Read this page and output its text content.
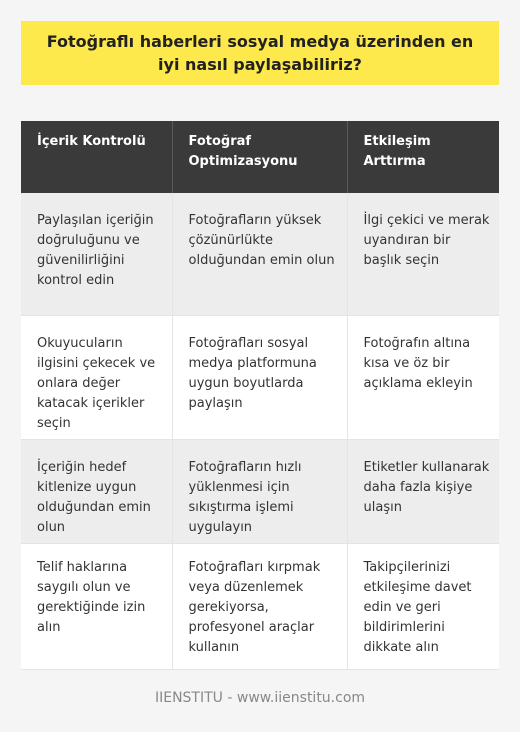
Fotoğraflı haberleri sosyal medya üzerinden en iyi nasıl paylaşabiliriz?
İçerik Kontrolü	Fotoğraf Optimizasyonu	Etkileşim Arttırma
Paylaşılan içeriğin doğruluğunu ve güvenilirliğini kontrol edin	Fotoğrafların yüksek çözünürlükte olduğundan emin olun	İlgi çekici ve merak uyandıran bir başlık seçin
Okuyucuların ilgisini çekecek ve onlara değer katacak içerikler seçin	Fotoğrafları sosyal medya platformuna uygun boyutlarda paylaşın	Fotoğrafın altına kısa ve öz bir açıklama ekleyin
İçeriğin hedef kitlenize uygun olduğundan emin olun	Fotoğrafların hızlı yüklenmesi için sıkıştırma işlemi uygulayın	Etiketler kullanarak daha fazla kişiye ulaşın
Telif haklarına saygılı olun ve gerektiğinde izin alın	Fotoğrafları kırpmak veya düzenlemek gerekiyorsa, profesyonel araçlar kullanın	Takipçilerinizi etkileşime davet edin ve geri bildirimlerini dikkate alın
IIENSTITU - www.iienstitu.com
